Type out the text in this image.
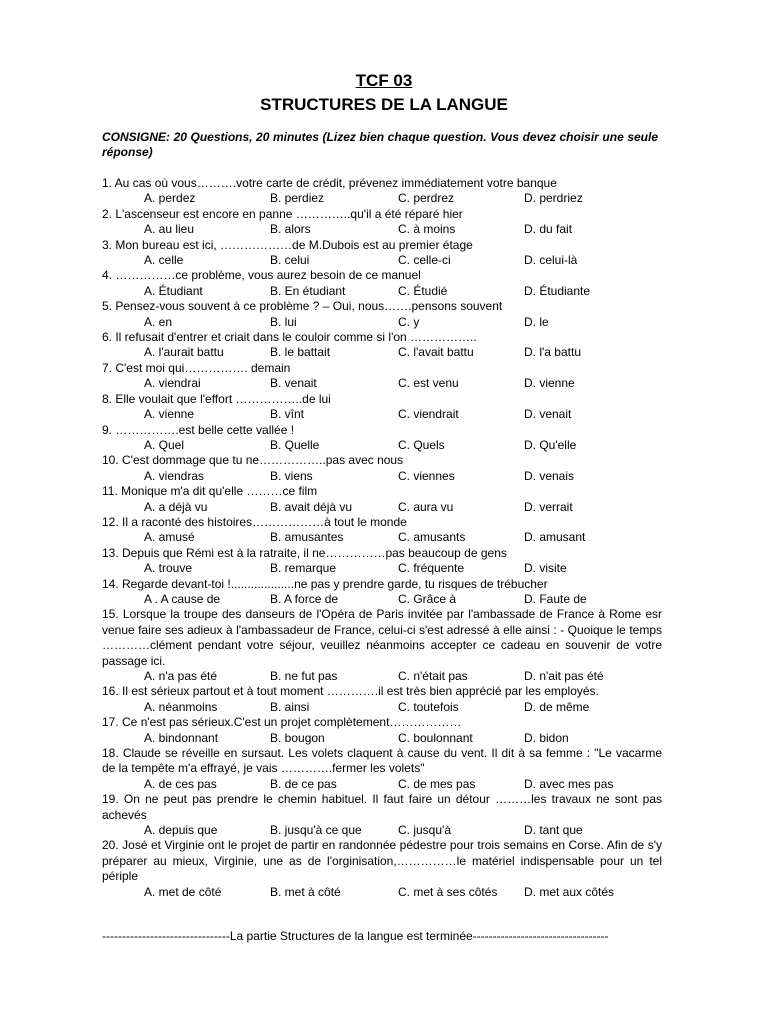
TCF 03
STRUCTURES DE LA LANGUE
CONSIGNE: 20 Questions, 20 minutes (Lizez bien chaque question. Vous devez choisir une seule réponse)
1. Au cas où vous……….votre carte de crédit, prévenez immédiatement votre banque
A. perdez	B. perdiez	C. perdrez	D. perdriez
2. L'ascenseur est encore en panne …………..qu'il a été réparé hier
A. au lieu	B. alors	C. à moins	D. du fait
3. Mon bureau est ici, ………………de M.Dubois est au premier étage
A. celle	B. celui	C. celle-ci	D. celui-là
4. ……………ce problème, vous aurez besoin de ce manuel
A. Étudiant	B. En étudiant	C. Étudié	D. Étudiante
5. Pensez-vous souvent à ce problème ? – Oui, nous…….pensons souvent
A. en	B. lui	C. y	D. le
6. Il refusait d'entrer et criait dans le couloir comme si l'on ……………..
A. l'aurait battu	B. le battait	C. l'avait battu	D. l'a battu
7. C'est moi qui……………. demain
A. viendrai	B. venait	C. est venu	D. vienne
8. Elle voulait que l'effort ……………..de lui
A. vienne	B. vînt	C. viendrait	D. venait
9. …………….est belle cette vallée !
A. Quel	B. Quelle	C. Quels	D. Qu'elle
10. C'est dommage que tu ne……………..pas avec nous
A. viendras	B. viens	C. viennes	D. venais
11. Monique m'a dit qu'elle ………ce film
A. a déjà vu	B. avait déjà vu	C. aura vu	D. verrait
12. Il a raconté des histoires………………à tout le monde
A. amusé	B. amusantes	C. amusants	D. amusant
13. Depuis que Rémi est à la ratraite, il ne……………pas beaucoup de gens
A. trouve	B. remarque	C. fréquente	D. visite
14. Regarde devant-toi !...................ne pas y prendre garde, tu risques de trébucher
A . A cause de	B. A force de	C. Grâce à	D. Faute de
15. Lorsque la troupe des danseurs de l'Opéra de Paris invitée par l'ambassade de France à Rome esr venue faire ses adieux à l'ambassadeur de France, celui-ci s'est adressé à elle ainsi : - Quoique le temps …………clément pendant votre séjour, veuillez néanmoins accepter ce cadeau en souvenir de votre passage ici.
A. n'a pas été	B. ne fut pas	C. n'était pas	D. n'ait pas été
16. Il est sérieux partout et à tout moment ………….il est très bien apprécié par les employés.
A. néanmoins	B. ainsi	C. toutefois	D. de même
17. Ce n'est pas sérieux.C'est un projet complètement………………
A. bindonnant	B. bougon	C. boulonnant	D. bidon
18. Claude se réveille en sursaut. Les volets claquent à cause du vent. Il dit à sa femme : "Le vacarme de la tempête m'a effrayé, je vais ………….fermer les volets"
A. de ces pas	B. de ce pas	C. de mes pas	D. avec mes pas
19. On ne peut pas prendre le chemin habituel. Il faut faire un détour ………les travaux ne sont pas achevés
A. depuis que	B. jusqu'à ce que	C. jusqu'à	D. tant que
20. José et Virginie ont le projet de partir en randonnée pédestre pour trois semains en Corse. Afin de s'y préparer au mieux, Virginie, une as de l'orginisation,……………le matériel indispensable pour un tel périple
A. met de côté	B. met à côté	C. met à ses côtés	D. met aux côtés
--------------------------------La partie Structures de la langue est terminée----------------------------------
